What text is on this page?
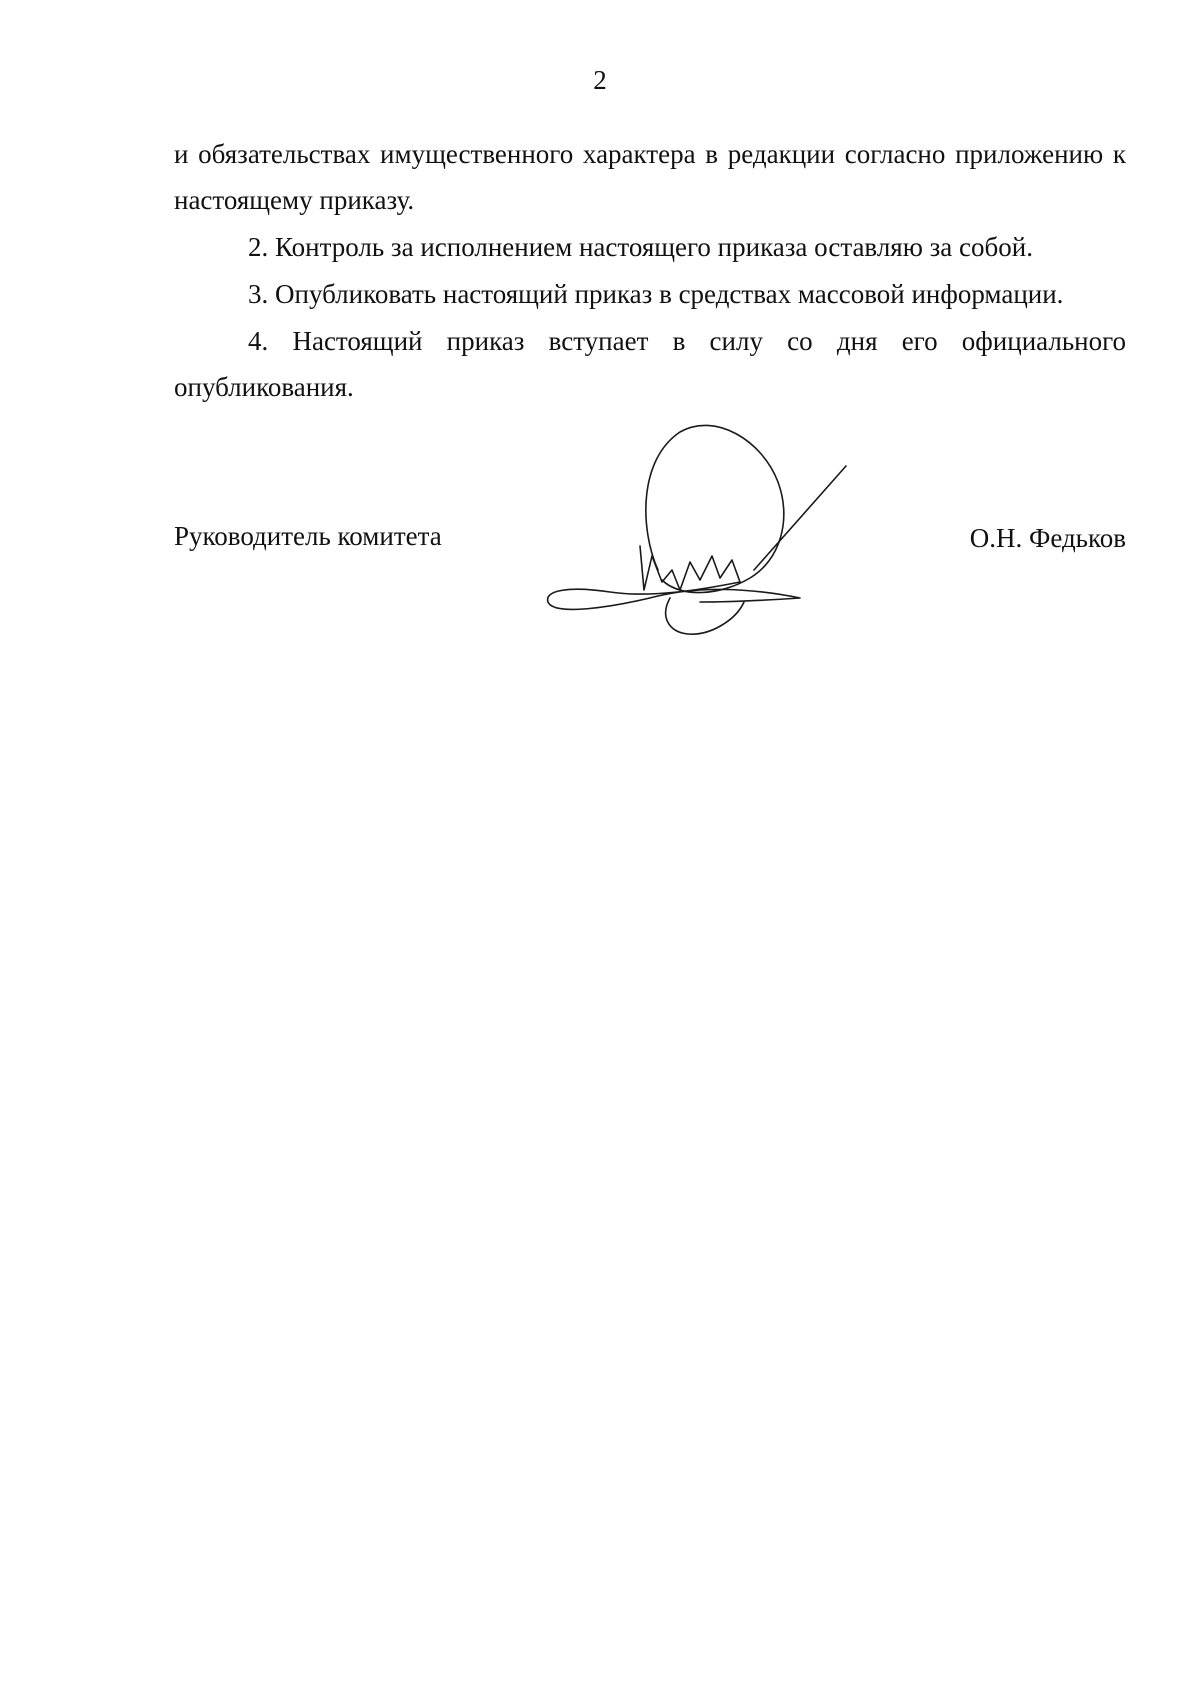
2

и обязательствах имущественного характера в редакции согласно приложению к настоящему приказу.

2. Контроль за исполнением настоящего приказа оставляю за собой.

3. Опубликовать настоящий приказ в средствах массовой информации.

4. Настоящий приказ вступает в силу со дня его официального опубликования.

Руководитель комитета	О.Н. Федьков
